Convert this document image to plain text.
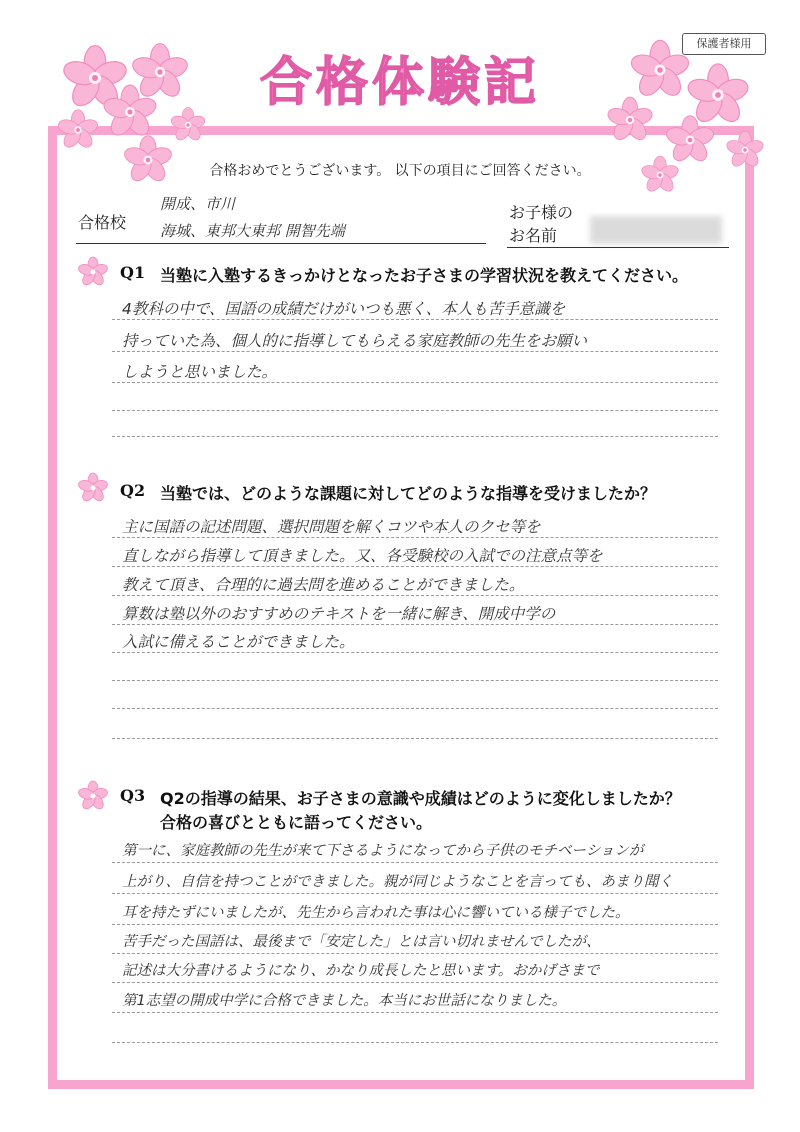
保護者様用
合格体験記
合格おめでとうございます。 以下の項目にご回答ください。
合格校
開成、市川
海城、東邦大東邦 開智先端
お子様の
お名前
Q1 当塾に入塾するきっかけとなったお子さまの学習状況を教えてください。
4教科の中で、国語の成績だけがいつも悪く、本人も苦手意識を
持っていた為、個人的に指導してもらえる家庭教師の先生をお願い
しようと思いました。
Q2 当塾では、どのような課題に対してどのような指導を受けましたか？
主に国語の記述問題、選択問題を解くコツや本人のクセ等を
直しながら指導して頂きました。又、各受験校の入試での注意点等を
教えて頂き、合理的に過去問を進めることができました。
算数は塾以外のおすすめのテキストを一緒に解き、開成中学の
入試に備えることができました。
Q3 Q2の指導の結果、お子さまの意識や成績はどのように変化しましたか？
合格の喜びとともに語ってください。
第一に、家庭教師の先生が来て下さるようになってから子供のモチベーションが
上がり、自信を持つことができました。親が同じようなことを言っても、あまり聞く
耳を持たずにいましたが、先生から言われた事は心に響いている様子でした。
苦手だった国語は、最後まで「安定した」とは言い切れませんでしたが、
記述は大分書けるようになり、かなり成長したと思います。おかげさまで
第1志望の開成中学に合格できました。本当にお世話になりました。
